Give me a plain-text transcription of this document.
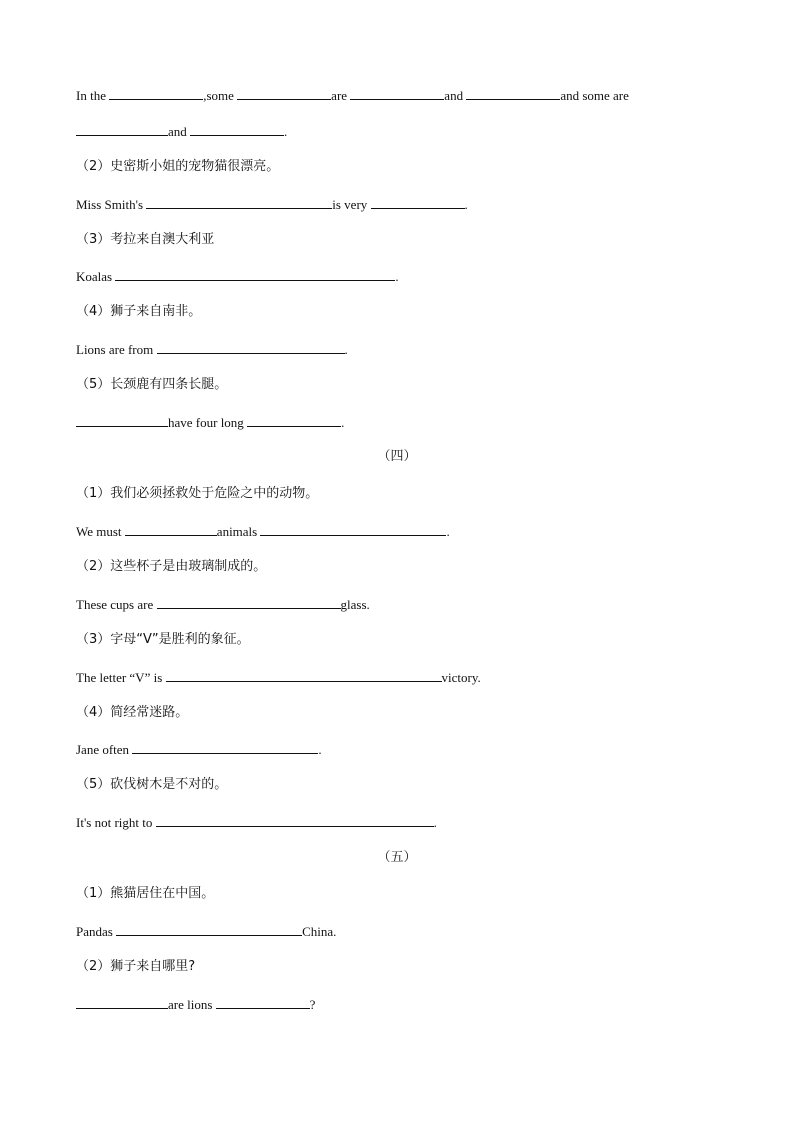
In the	,some	are	and	and some are
and	.
（2）史密斯小姐的宠物猫很漂亮。
Miss Smith's	is very	.
（3）考拉来自澳大利亚
Koalas	.
（4）狮子来自南非。
Lions are from	.
（5）长颈鹿有四条长腿。
have four long	.
（四）
（1）我们必须拯救处于危险之中的动物。
We must	animals	.
（2）这些杯子是由玻璃制成的。
These cups are	glass.
（3）字母“V”是胜利的象征。
The letter “V” is	victory.
（4）简经常迷路。
Jane often	.
（5）砍伐树木是不对的。
It's not right to	.
（五）
（1）熊猫居住在中国。
Pandas	China.
（2）狮子来自哪里?
are lions	?
